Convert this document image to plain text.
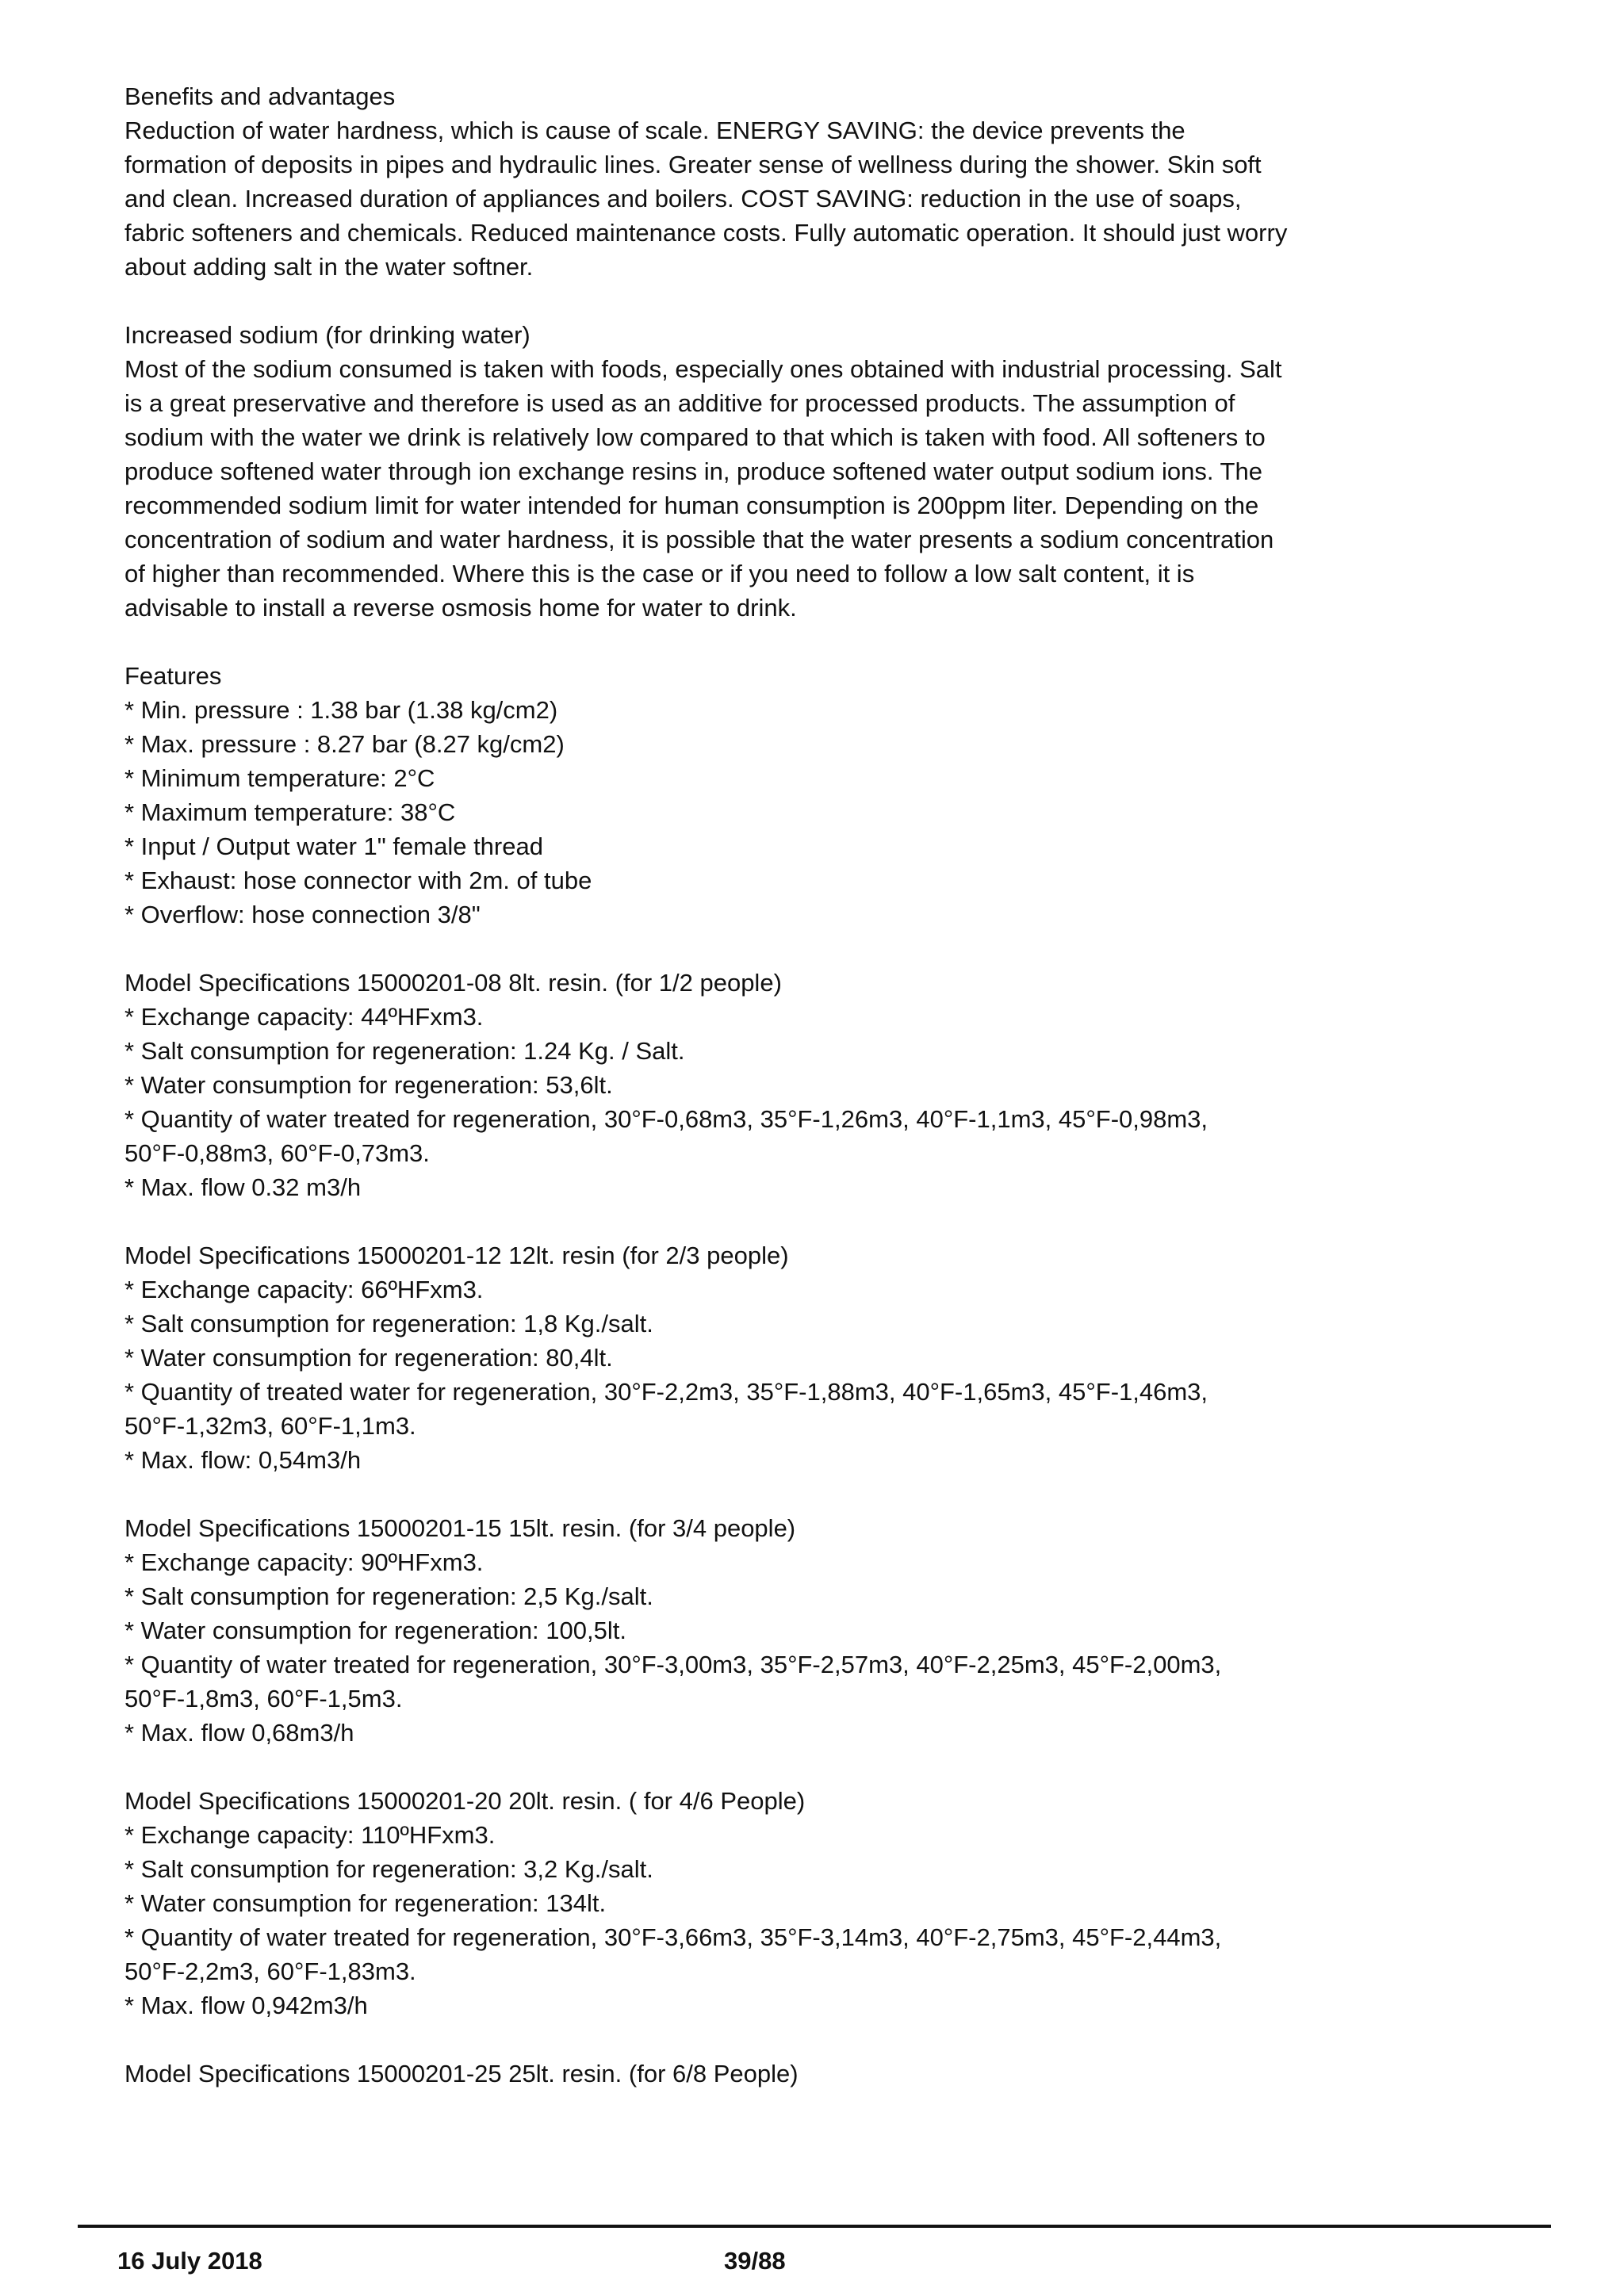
Benefits and advantages
Reduction of water hardness, which is cause of scale. ENERGY SAVING: the device prevents the
formation of deposits in pipes and hydraulic lines. Greater sense of wellness during the shower. Skin soft
and clean. Increased duration of appliances and boilers. COST SAVING: reduction in the use of soaps,
fabric softeners and chemicals. Reduced maintenance costs. Fully automatic operation. It should just worry
about adding salt in the water softner.
Increased sodium (for drinking water)
Most of the sodium consumed is taken with foods, especially ones obtained with industrial processing. Salt
is a great preservative and therefore is used as an additive for processed products. The assumption of
sodium with the water we drink is relatively low compared to that which is taken with food. All softeners to
produce softened water through ion exchange resins in, produce softened water output sodium ions. The
recommended sodium limit for water intended for human consumption is 200ppm liter. Depending on the
concentration of sodium and water hardness, it is possible that the water presents a sodium concentration
of higher than recommended. Where this is the case or if you need to follow a low salt content, it is
advisable to install a reverse osmosis home for water to drink.
Features
* Min. pressure : 1.38 bar (1.38 kg/cm2)
* Max. pressure : 8.27 bar (8.27 kg/cm2)
* Minimum temperature: 2°C
* Maximum temperature: 38°C
* Input / Output water 1" female thread
* Exhaust: hose connector with 2m. of tube
* Overflow: hose connection 3/8"
Model Specifications 15000201-08 8lt. resin. (for 1/2 people)
* Exchange capacity: 44ºHFxm3.
* Salt consumption for regeneration: 1.24 Kg. / Salt.
* Water consumption for regeneration: 53,6lt.
* Quantity of water treated for regeneration, 30°F-0,68m3, 35°F-1,26m3, 40°F-1,1m3, 45°F-0,98m3,
50°F-0,88m3, 60°F-0,73m3.
* Max. flow 0.32 m3/h
Model Specifications 15000201-12 12lt. resin (for 2/3 people)
* Exchange capacity: 66ºHFxm3.
* Salt consumption for regeneration: 1,8 Kg./salt.
* Water consumption for regeneration: 80,4lt.
* Quantity of treated water for regeneration, 30°F-2,2m3, 35°F-1,88m3, 40°F-1,65m3, 45°F-1,46m3,
50°F-1,32m3, 60°F-1,1m3.
* Max. flow: 0,54m3/h
Model Specifications 15000201-15 15lt. resin. (for 3/4 people)
* Exchange capacity: 90ºHFxm3.
* Salt consumption for regeneration: 2,5 Kg./salt.
* Water consumption for regeneration: 100,5lt.
* Quantity of water treated for regeneration, 30°F-3,00m3, 35°F-2,57m3, 40°F-2,25m3, 45°F-2,00m3,
50°F-1,8m3, 60°F-1,5m3.
* Max. flow 0,68m3/h
Model Specifications 15000201-20 20lt. resin. ( for 4/6 People)
* Exchange capacity: 110ºHFxm3.
* Salt consumption for regeneration: 3,2 Kg./salt.
* Water consumption for regeneration: 134lt.
* Quantity of water treated for regeneration, 30°F-3,66m3, 35°F-3,14m3, 40°F-2,75m3, 45°F-2,44m3,
50°F-2,2m3, 60°F-1,83m3.
* Max. flow 0,942m3/h
Model Specifications 15000201-25 25lt. resin. (for 6/8 People)
16 July 2018	39/88
